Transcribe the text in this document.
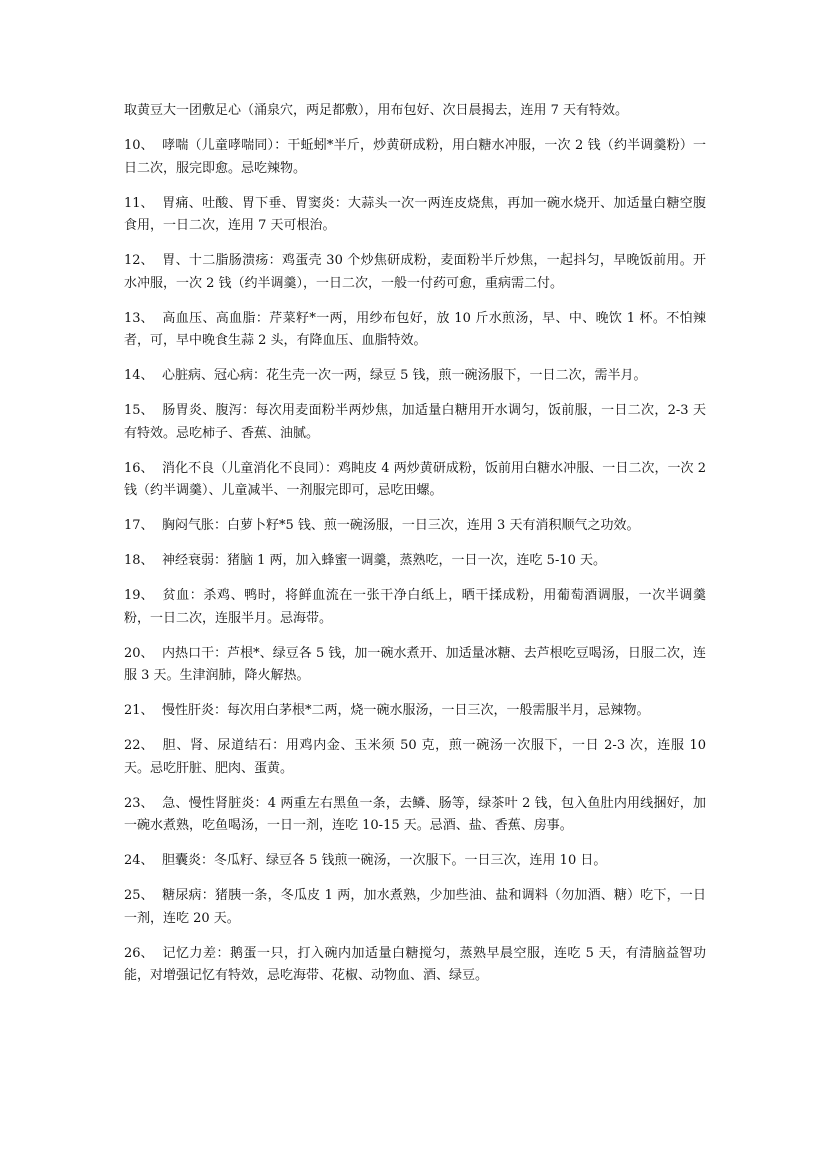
取黄豆大一团敷足心（涌泉穴，两足都敷），用布包好、次日晨揭去，连用 7 天有特效。

10、 哮喘（儿童哮喘同）：干蚯蚓*半斤，炒黄研成粉，用白糖水冲服，一次 2 钱（约半调羹粉）一日二次，服完即愈。忌吃辣物。

11、 胃痛、吐酸、胃下垂、胃窦炎：大蒜头一次一两连皮烧焦，再加一碗水烧开、加适量白糖空腹食用，一日二次，连用 7 天可根治。

12、 胃、十二脂肠溃疡：鸡蛋壳 30 个炒焦研成粉，麦面粉半斤炒焦，一起抖匀，早晚饭前用。开水冲服，一次 2 钱（约半调羹），一日二次，一般一付药可愈，重病需二付。

13、 高血压、高血脂：芹菜籽*一两，用纱布包好，放 10 斤水煎汤，早、中、晚饮 1 杯。不怕辣者，可，早中晚食生蒜 2 头，有降血压、血脂特效。

14、 心脏病、冠心病：花生壳一次一两，绿豆 5 钱，煎一碗汤服下，一日二次，需半月。

15、 肠胃炎、腹泻：每次用麦面粉半两炒焦，加适量白糖用开水调匀，饭前服，一日二次，2-3 天有特效。忌吃柿子、香蕉、油腻。

16、 消化不良（儿童消化不良同）：鸡盹皮 4 两炒黄研成粉，饭前用白糖水冲服、一日二次，一次 2 钱（约半调羹）、儿童减半、一剂服完即可，忌吃田螺。

17、 胸闷气胀：白萝卜籽*5 钱、煎一碗汤服，一日三次，连用 3 天有消积顺气之功效。

18、 神经衰弱：猪脑 1 两，加入蜂蜜一调羹，蒸熟吃，一日一次，连吃 5-10 天。

19、 贫血：杀鸡、鸭时，将鲜血流在一张干净白纸上，晒干揉成粉，用葡萄酒调服，一次半调羹粉，一日二次，连服半月。忌海带。

20、 内热口干：芦根*、绿豆各 5 钱，加一碗水煮开、加适量冰糖、去芦根吃豆喝汤，日服二次，连服 3 天。生津润肺，降火解热。

21、 慢性肝炎：每次用白茅根*二两，烧一碗水服汤，一日三次，一般需服半月，忌辣物。

22、 胆、肾、尿道结石：用鸡内金、玉米须 50 克，煎一碗汤一次服下，一日 2-3 次，连服 10 天。忌吃肝脏、肥肉、蛋黄。

23、 急、慢性肾脏炎：4 两重左右黑鱼一条，去鳞、肠等，绿茶叶 2 钱，包入鱼肚内用线捆好，加一碗水煮熟，吃鱼喝汤，一日一剂，连吃 10-15 天。忌酒、盐、香蕉、房事。

24、 胆囊炎：冬瓜籽、绿豆各 5 钱煎一碗汤，一次服下。一日三次，连用 10 日。

25、 糖尿病：猪胰一条，冬瓜皮 1 两，加水煮熟，少加些油、盐和调料（勿加酒、糖）吃下，一日一剂，连吃 20 天。

26、 记忆力差：鹅蛋一只，打入碗内加适量白糖搅匀，蒸熟早晨空服，连吃 5 天，有清脑益智功能，对增强记忆有特效，忌吃海带、花椒、动物血、酒、绿豆。
